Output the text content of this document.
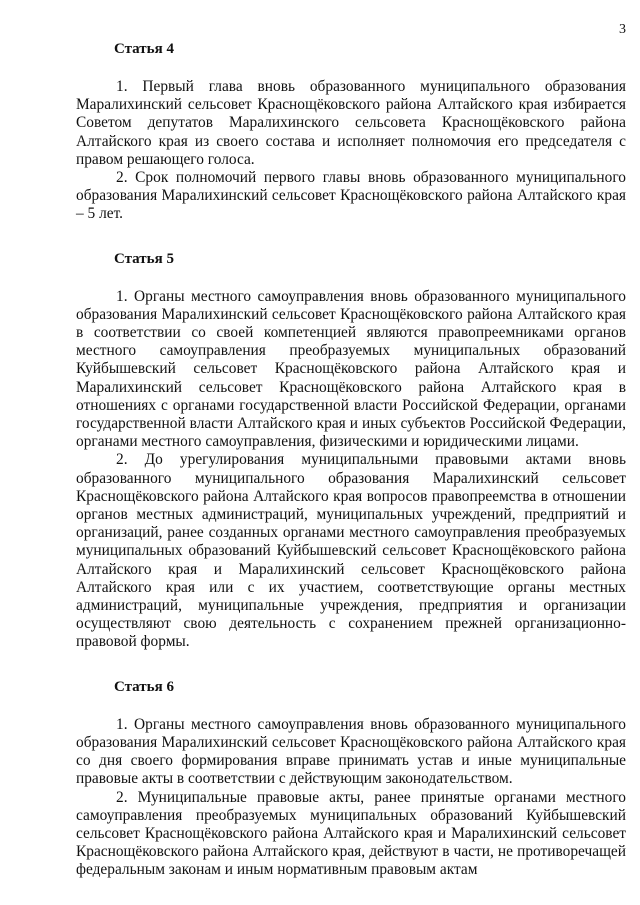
3
Статья 4

1. Первый глава вновь образованного муниципального образования Маралихинский сельсовет Краснощёковского района Алтайского края избирается Советом депутатов Маралихинского сельсовета Краснощёковского района Алтайского края из своего состава и исполняет полномочия его председателя с правом решающего голоса.

2. Срок полномочий первого главы вновь образованного муниципального образования Маралихинский сельсовет Краснощёковского района Алтайского края – 5 лет.

Статья 5

1. Органы местного самоуправления вновь образованного муниципального образования Маралихинский сельсовет Краснощёковского района Алтайского края в соответствии со своей компетенцией являются правопреемниками органов местного самоуправления преобразуемых муниципальных образований Куйбышевский сельсовет Краснощёковского района Алтайского края и Маралихинский сельсовет Краснощёковского района Алтайского края в отношениях с органами государственной власти Российской Федерации, органами государственной власти Алтайского края и иных субъектов Российской Федерации, органами местного самоуправления, физическими и юридическими лицами.

2. До урегулирования муниципальными правовыми актами вновь образованного муниципального образования Маралихинский сельсовет Краснощёковского района Алтайского края вопросов правопреемства в отношении органов местных администраций, муниципальных учреждений, предприятий и организаций, ранее созданных органами местного самоуправления преобразуемых муниципальных образований Куйбышевский сельсовет Краснощёковского района Алтайского края и Маралихинский сельсовет Краснощёковского района Алтайского края или с их участием, соответствующие органы местных администраций, муниципальные учреждения, предприятия и организации осуществляют свою деятельность с сохранением прежней организационно-правовой формы.

Статья 6

1. Органы местного самоуправления вновь образованного муниципального образования Маралихинский сельсовет Краснощёковского района Алтайского края со дня своего формирования вправе принимать устав и иные муниципальные правовые акты в соответствии с действующим законодательством.

2. Муниципальные правовые акты, ранее принятые органами местного самоуправления преобразуемых муниципальных образований Куйбышевский сельсовет Краснощёковского района Алтайского края и Маралихинский сельсовет Краснощёковского района Алтайского края, действуют в части, не противоречащей федеральным законам и иным нормативным правовым актам
